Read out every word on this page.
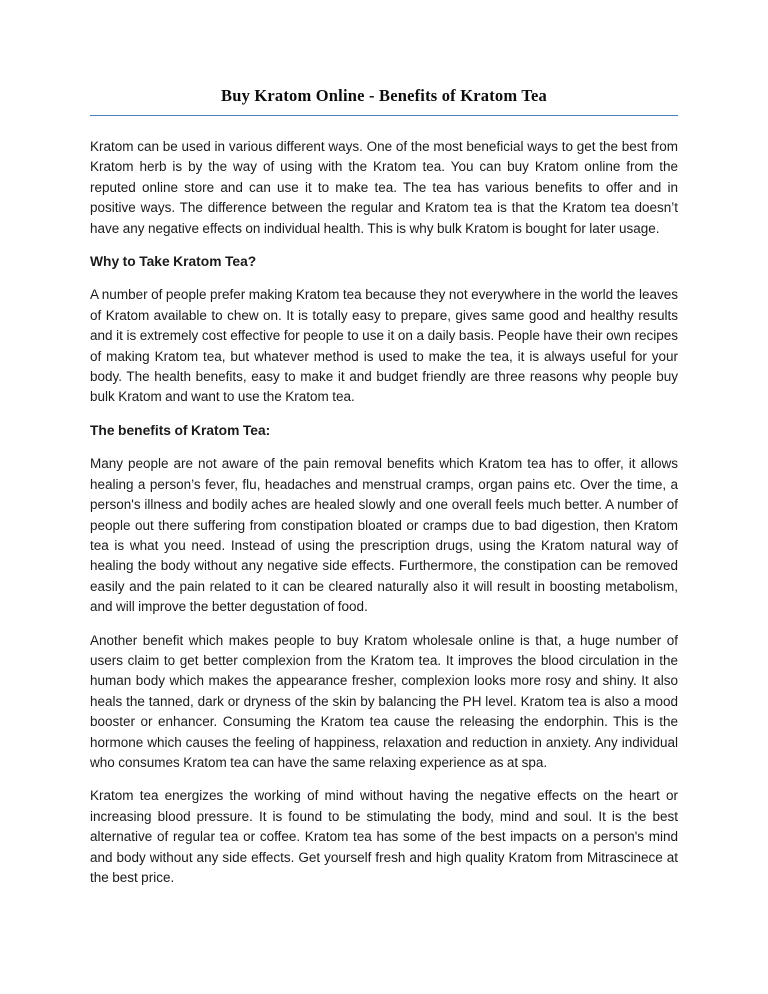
Buy Kratom Online - Benefits of Kratom Tea

Kratom can be used in various different ways. One of the most beneficial ways to get the best from Kratom herb is by the way of using with the Kratom tea. You can buy Kratom online from the reputed online store and can use it to make tea. The tea has various benefits to offer and in positive ways. The difference between the regular and Kratom tea is that the Kratom tea doesn’t have any negative effects on individual health. This is why bulk Kratom is bought for later usage.

Why to Take Kratom Tea?

A number of people prefer making Kratom tea because they not everywhere in the world the leaves of Kratom available to chew on. It is totally easy to prepare, gives same good and healthy results and it is extremely cost effective for people to use it on a daily basis. People have their own recipes of making Kratom tea, but whatever method is used to make the tea, it is always useful for your body. The health benefits, easy to make it and budget friendly are three reasons why people buy bulk Kratom and want to use the Kratom tea.

The benefits of Kratom Tea:

Many people are not aware of the pain removal benefits which Kratom tea has to offer, it allows healing a person’s fever, flu, headaches and menstrual cramps, organ pains etc. Over the time, a person's illness and bodily aches are healed slowly and one overall feels much better. A number of people out there suffering from constipation bloated or cramps due to bad digestion, then Kratom tea is what you need. Instead of using the prescription drugs, using the Kratom natural way of healing the body without any negative side effects. Furthermore, the constipation can be removed easily and the pain related to it can be cleared naturally also it will result in boosting metabolism, and will improve the better degustation of food.

Another benefit which makes people to buy Kratom wholesale online is that, a huge number of users claim to get better complexion from the Kratom tea. It improves the blood circulation in the human body which makes the appearance fresher, complexion looks more rosy and shiny. It also heals the tanned, dark or dryness of the skin by balancing the PH level. Kratom tea is also a mood booster or enhancer. Consuming the Kratom tea cause the releasing the endorphin. This is the hormone which causes the feeling of happiness, relaxation and reduction in anxiety. Any individual who consumes Kratom tea can have the same relaxing experience as at spa.

Kratom tea energizes the working of mind without having the negative effects on the heart or increasing blood pressure. It is found to be stimulating the body, mind and soul. It is the best alternative of regular tea or coffee. Kratom tea has some of the best impacts on a person's mind and body without any side effects. Get yourself fresh and high quality Kratom from Mitrascinece at the best price.
